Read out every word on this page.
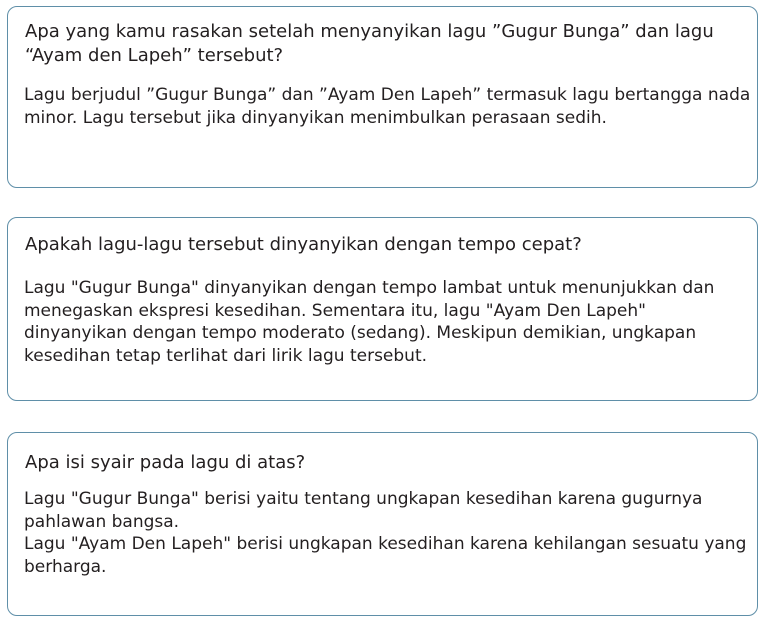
Apa yang kamu rasakan setelah menyanyikan lagu ”Gugur Bunga” dan lagu “Ayam den Lapeh” tersebut?
Lagu berjudul ”Gugur Bunga” dan ”Ayam Den Lapeh” termasuk lagu bertangga nada minor. Lagu tersebut jika dinyanyikan menimbulkan perasaan sedih.
Apakah lagu-lagu tersebut dinyanyikan dengan tempo cepat?
Lagu "Gugur Bunga" dinyanyikan dengan tempo lambat untuk menunjukkan dan menegaskan ekspresi kesedihan. Sementara itu, lagu "Ayam Den Lapeh" dinyanyikan dengan tempo moderato (sedang). Meskipun demikian, ungkapan kesedihan tetap terlihat dari lirik lagu tersebut.
Apa isi syair pada lagu di atas?
Lagu "Gugur Bunga" berisi yaitu tentang ungkapan kesedihan karena gugurnya pahlawan bangsa.
Lagu "Ayam Den Lapeh" berisi ungkapan kesedihan karena kehilangan sesuatu yang berharga.
